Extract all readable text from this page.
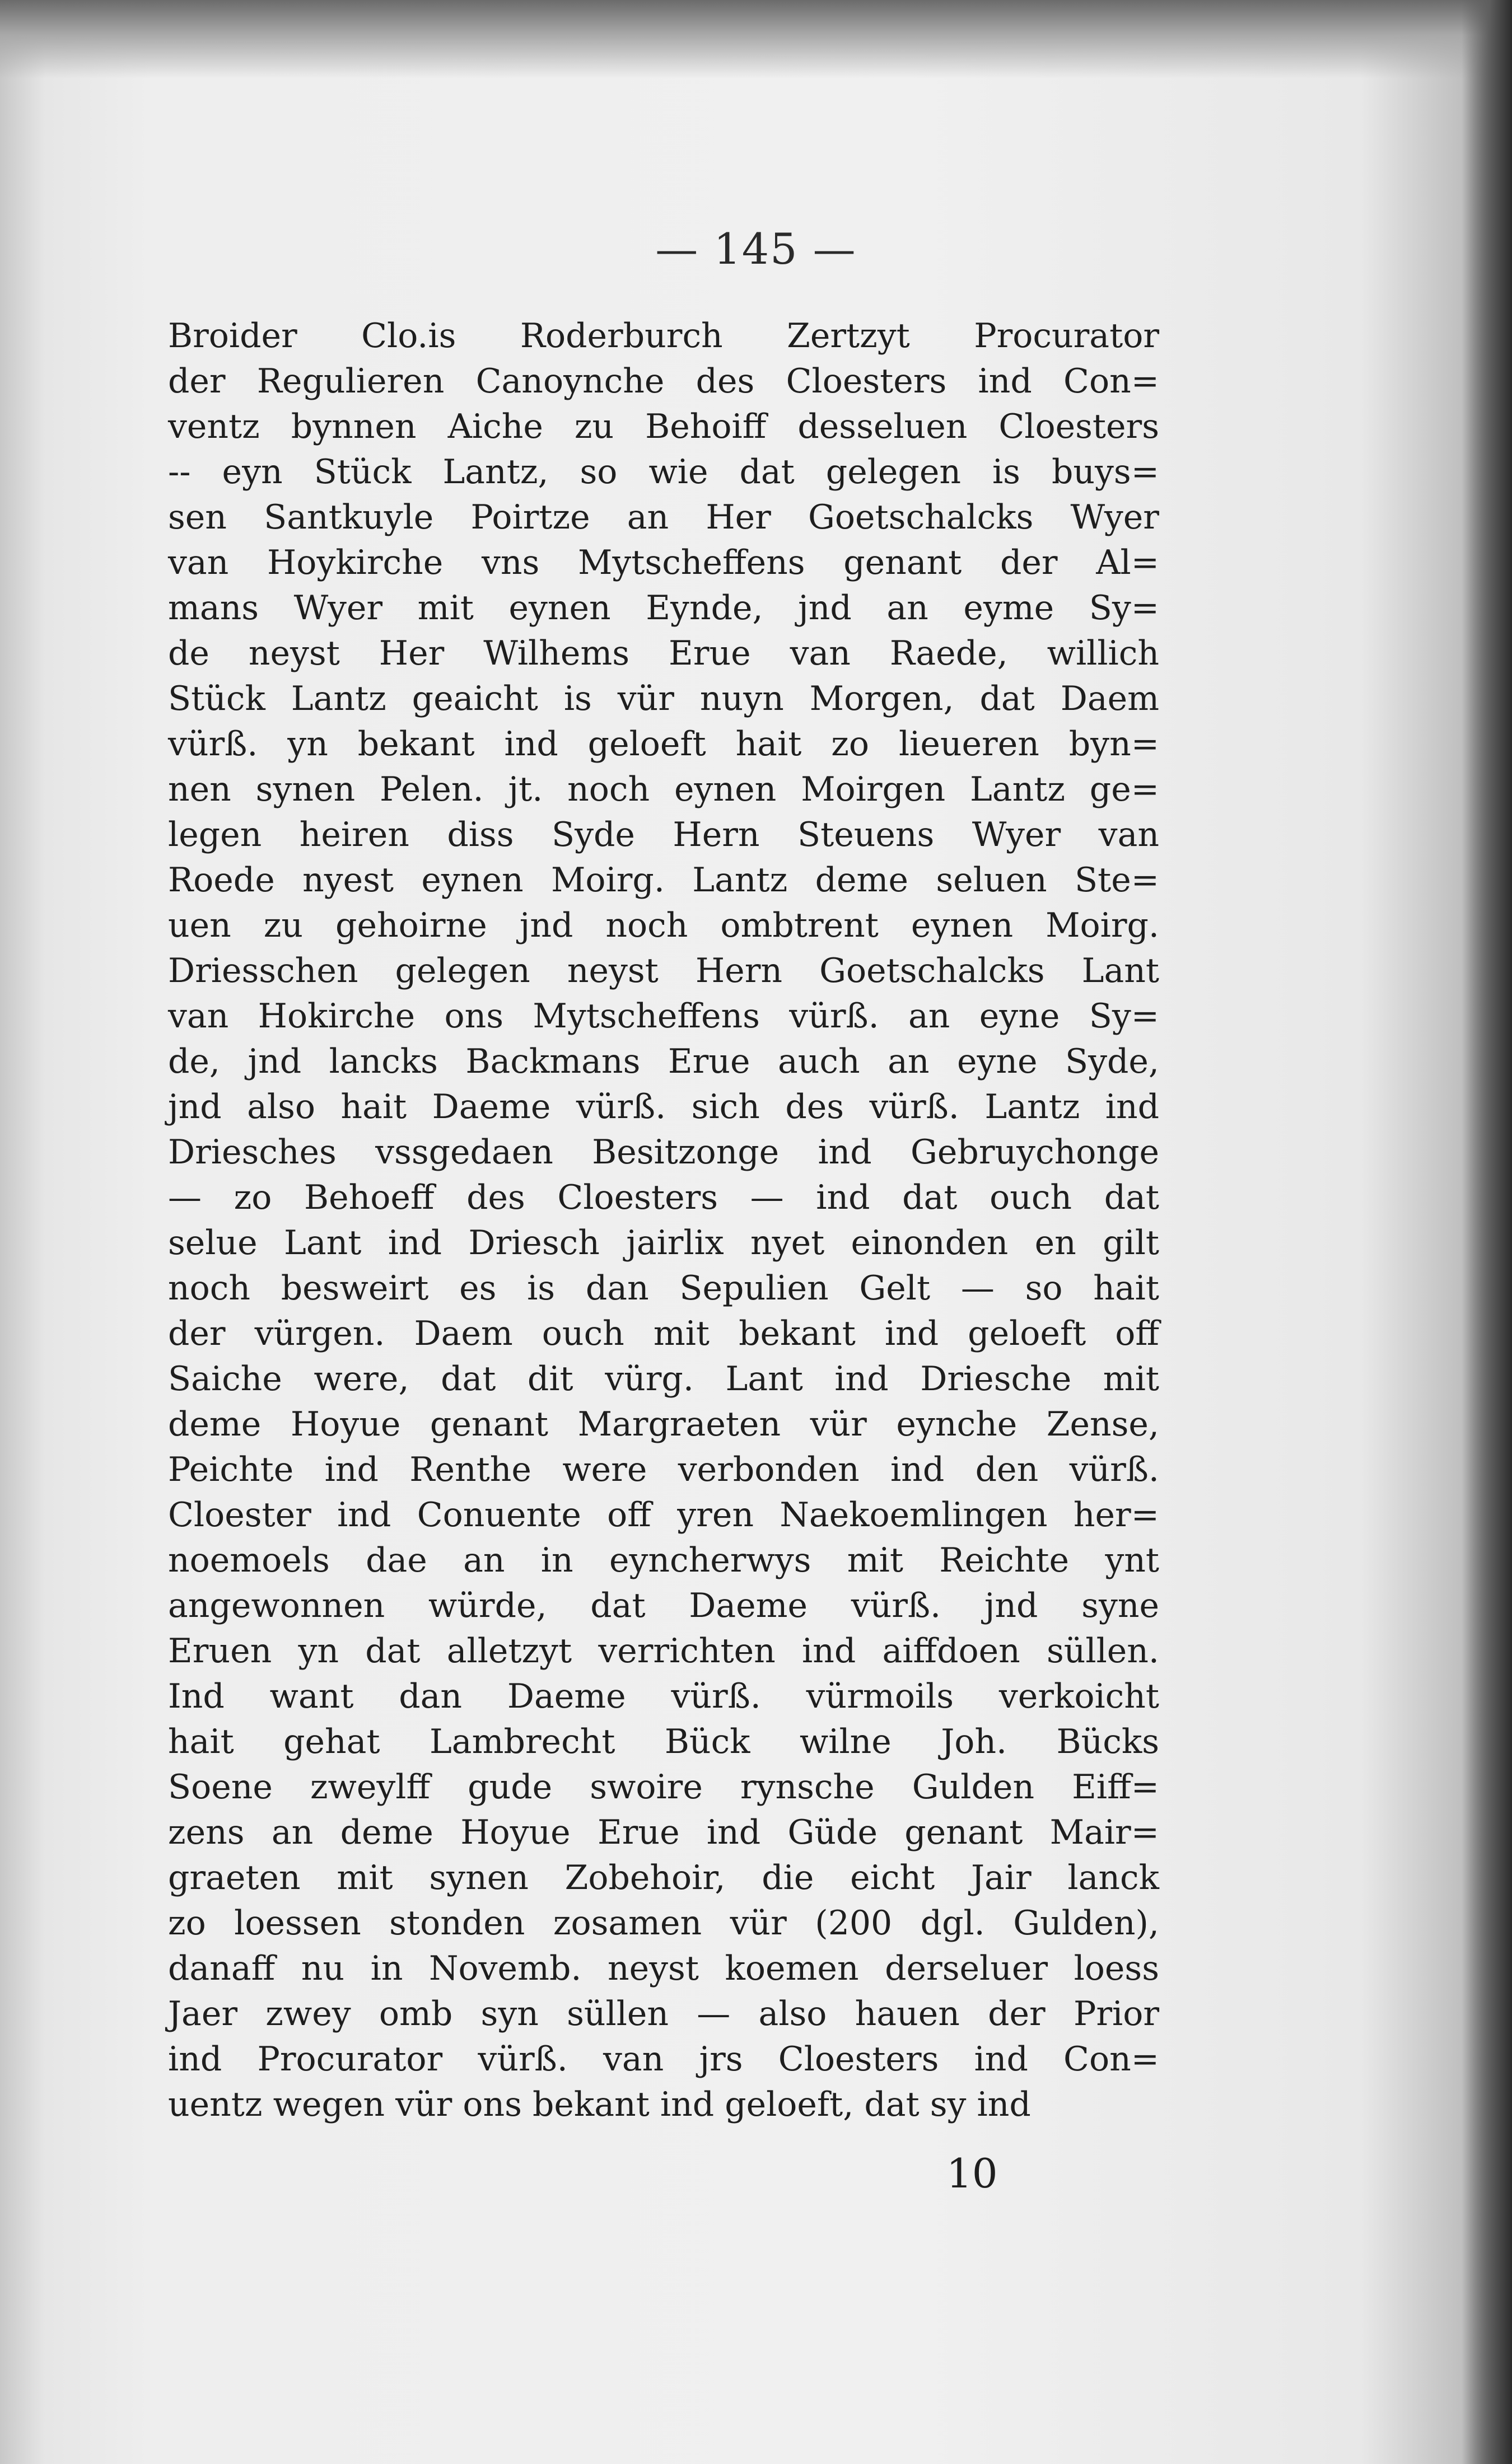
— 145 —
Broider Clo.is Roderburch Zertzyt Procurator
der Regulieren Canoynche des Cloesters ind Con=
ventz bynnen Aiche zu Behoiff desseluen Cloesters
-- eyn Stück Lantz, so wie dat gelegen is buys=
sen Santkuyle Poirtze an Her Goetschalcks Wyer
van Hoykirche vns Mytscheffens genant der Al=
mans Wyer mit eynen Eynde, jnd an eyme Sy=
de neyst Her Wilhems Erue van Raede, willich
Stück Lantz geaicht is vür nuyn Morgen, dat Daem
vürß. yn bekant ind geloeft hait zo lieueren byn=
nen synen Pelen. jt. noch eynen Moirgen Lantz ge=
legen heiren diss Syde Hern Steuens Wyer van
Roede nyest eynen Moirg. Lantz deme seluen Ste=
uen zu gehoirne jnd noch ombtrent eynen Moirg.
Driesschen gelegen neyst Hern Goetschalcks Lant
van Hokirche ons Mytscheffens vürß. an eyne Sy=
de, jnd lancks Backmans Erue auch an eyne Syde,
jnd also hait Daeme vürß. sich des vürß. Lantz ind
Driesches vssgedaen Besitzonge ind Gebruychonge
— zo Behoeff des Cloesters — ind dat ouch dat
selue Lant ind Driesch jairlix nyet einonden en gilt
noch besweirt es is dan Sepulien Gelt — so hait
der vürgen. Daem ouch mit bekant ind geloeft off
Saiche were, dat dit vürg. Lant ind Driesche mit
deme Hoyue genant Margraeten vür eynche Zense,
Peichte ind Renthe were verbonden ind den vürß.
Cloester ind Conuente off yren Naekoemlingen her=
noemoels dae an in eyncherwys mit Reichte ynt
angewonnen würde, dat Daeme vürß. jnd syne
Eruen yn dat alletzyt verrichten ind aiffdoen süllen.
Ind want dan Daeme vürß. vürmoils verkoicht
hait gehat Lambrecht Bück wilne Joh. Bücks
Soene zweylff gude swoire rynsche Gulden Eiff=
zens an deme Hoyue Erue ind Güde genant Mair=
graeten mit synen Zobehoir, die eicht Jair lanck
zo loessen stonden zosamen vür (200 dgl. Gulden),
danaff nu in Novemb. neyst koemen derseluer loess
Jaer zwey omb syn süllen — also hauen der Prior
ind Procurator vürß. van jrs Cloesters ind Con=
uentz wegen vür ons bekant ind geloeft, dat sy ind
10
